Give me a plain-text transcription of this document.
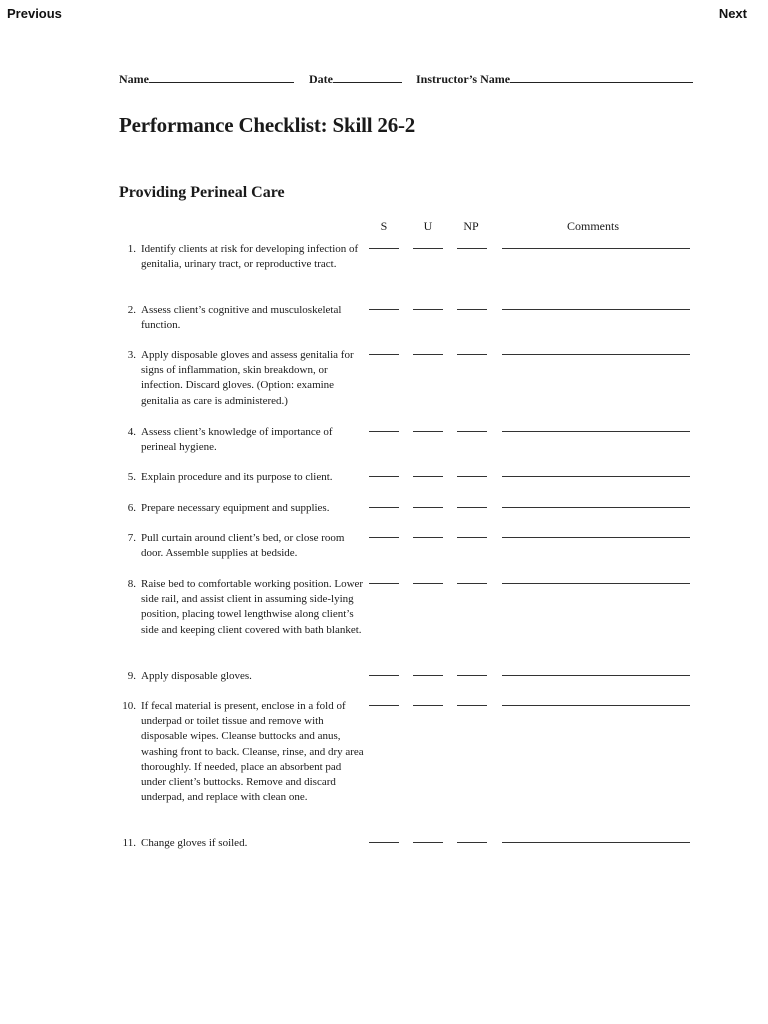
Previous	Next
Name	Date	Instructor’s Name
Performance Checklist: Skill 26-2
Providing Perineal Care
S	U	NP	Comments
1. Identify clients at risk for developing infection of genitalia, urinary tract, or reproductive tract.
2. Assess client’s cognitive and musculoskeletal function.
3. Apply disposable gloves and assess genitalia for signs of inflammation, skin breakdown, or infection. Discard gloves. (Option: examine genitalia as care is administered.)
4. Assess client’s knowledge of importance of perineal hygiene.
5. Explain procedure and its purpose to client.
6. Prepare necessary equipment and supplies.
7. Pull curtain around client’s bed, or close room door. Assemble supplies at bedside.
8. Raise bed to comfortable working position. Lower side rail, and assist client in assuming side-lying position, placing towel lengthwise along client’s side and keeping client covered with bath blanket.
9. Apply disposable gloves.
10. If fecal material is present, enclose in a fold of underpad or toilet tissue and remove with disposable wipes. Cleanse buttocks and anus, washing front to back. Cleanse, rinse, and dry area thoroughly. If needed, place an absorbent pad under client’s buttocks. Remove and discard underpad, and replace with clean one.
11. Change gloves if soiled.
